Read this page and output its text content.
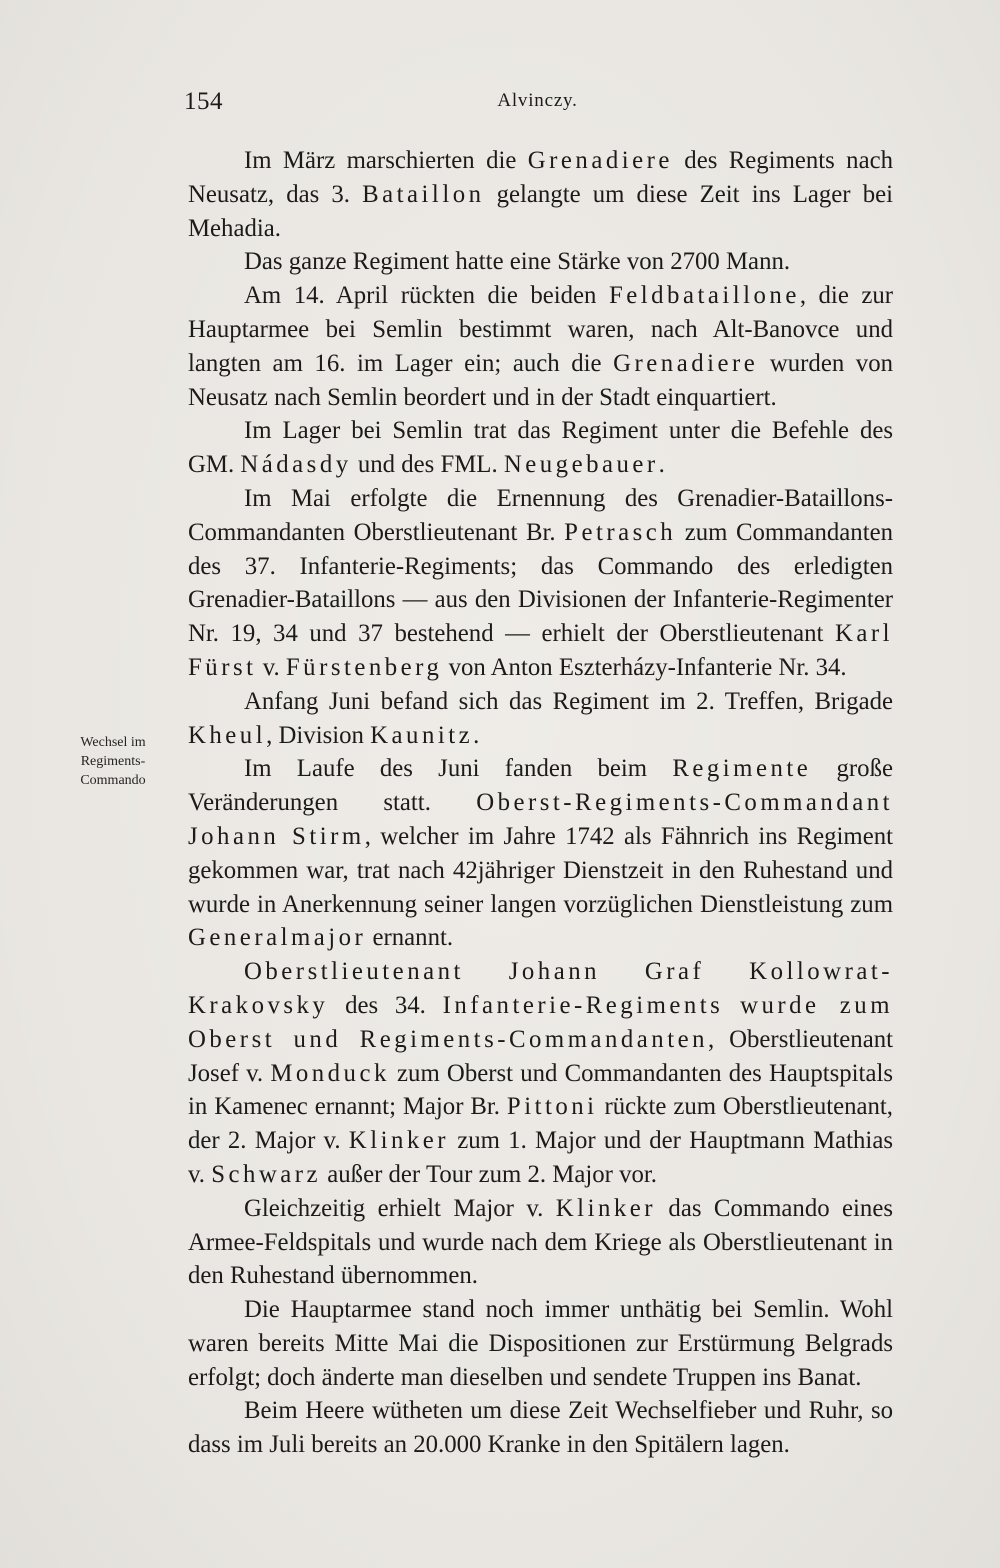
154	Alvinczy.
Wechsel im
Regiments-
Commando

Im März marschierten die Grenadiere des Regiments nach Neusatz, das 3. Bataillon gelangte um diese Zeit ins Lager bei Mehadia.

Das ganze Regiment hatte eine Stärke von 2700 Mann.

Am 14. April rückten die beiden Feldbataillone, die zur Hauptarmee bei Semlin bestimmt waren, nach Alt-Banovce und langten am 16. im Lager ein; auch die Grenadiere wurden von Neusatz nach Semlin beordert und in der Stadt einquartiert.

Im Lager bei Semlin trat das Regiment unter die Befehle des GM. Nádasdy und des FML. Neugebauer.

Im Mai erfolgte die Ernennung des Grenadier-Bataillons-Commandanten Oberstlieutenant Br. Petrasch zum Commandanten des 37. Infanterie-Regiments; das Commando des erledigten Grenadier-Bataillons — aus den Divisionen der Infanterie-Regimenter Nr. 19, 34 und 37 bestehend — erhielt der Oberstlieutenant Karl Fürst v. Fürstenberg von Anton Eszterházy-Infanterie Nr. 34.

Anfang Juni befand sich das Regiment im 2. Treffen, Brigade Kheul, Division Kaunitz.

Im Laufe des Juni fanden beim Regimente große Veränderungen statt. Oberst-Regiments-Commandant Johann Stirm, welcher im Jahre 1742 als Fähnrich ins Regiment gekommen war, trat nach 42jähriger Dienstzeit in den Ruhestand und wurde in Anerkennung seiner langen vorzüglichen Dienstleistung zum Generalmajor ernannt.

Oberstlieutenant Johann Graf Kollowrat-Krakovsky des 34. Infanterie-Regiments wurde zum Oberst und Regiments-Commandanten, Oberstlieutenant Josef v. Monduck zum Oberst und Commandanten des Hauptspitals in Kamenec ernannt; Major Br. Pittoni rückte zum Oberstlieutenant, der 2. Major v. Klinker zum 1. Major und der Hauptmann Mathias v. Schwarz außer der Tour zum 2. Major vor.

Gleichzeitig erhielt Major v. Klinker das Commando eines Armee-Feldspitals und wurde nach dem Kriege als Oberstlieutenant in den Ruhestand übernommen.

Die Hauptarmee stand noch immer unthätig bei Semlin. Wohl waren bereits Mitte Mai die Dispositionen zur Erstürmung Belgrads erfolgt; doch änderte man dieselben und sendete Truppen ins Banat.

Beim Heere wütheten um diese Zeit Wechselfieber und Ruhr, so dass im Juli bereits an 20.000 Kranke in den Spitälern lagen.
